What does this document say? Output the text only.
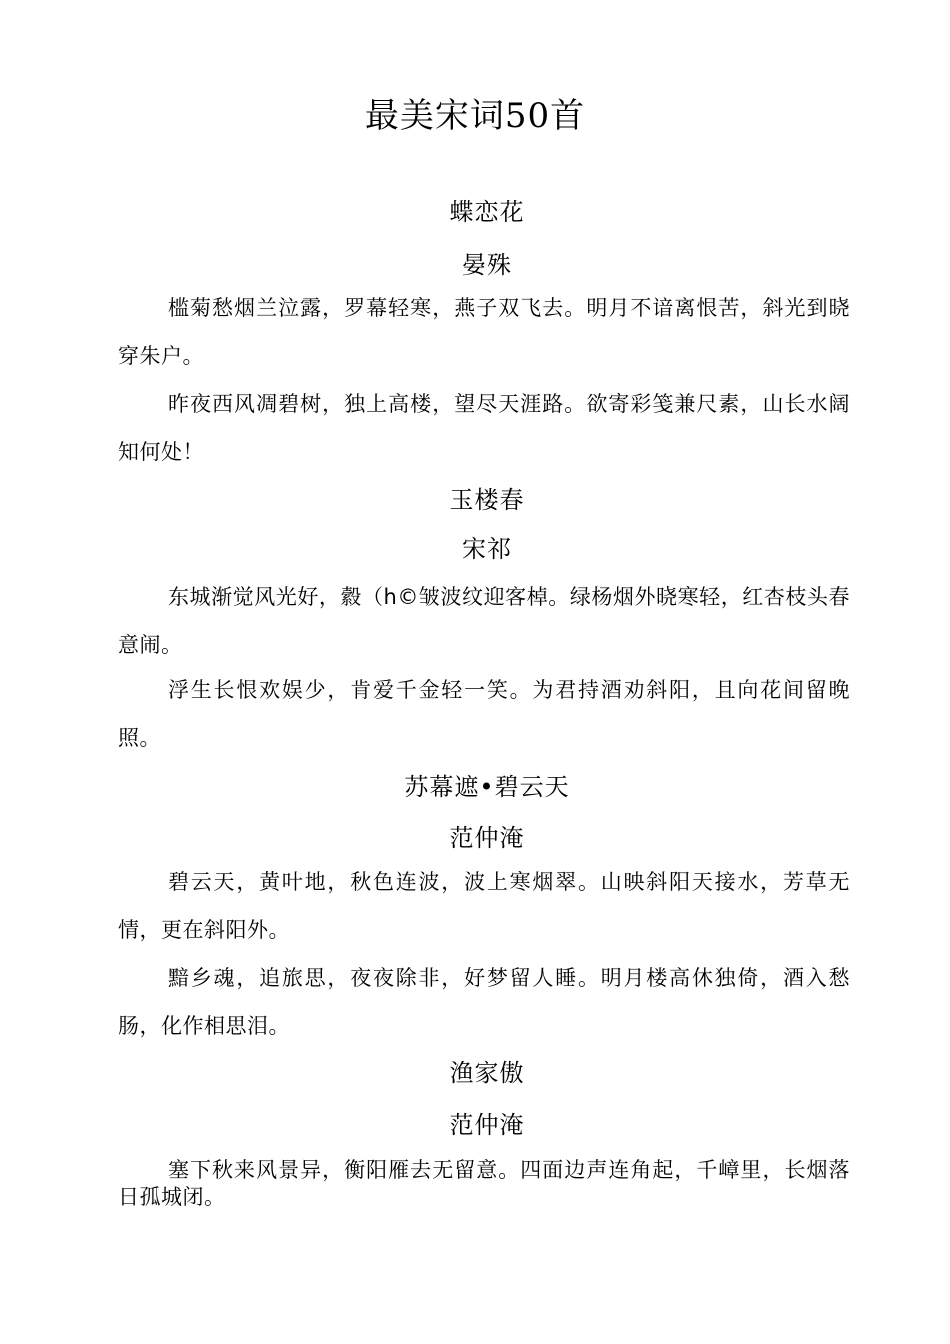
最美宋词50首
蝶恋花
晏殊

槛菊愁烟兰泣露，罗幕轻寒，燕子双飞去。明月不谙离恨苦，斜光到晓穿朱户。

昨夜西风凋碧树，独上高楼，望尽天涯路。欲寄彩笺兼尺素，山长水阔知何处！

玉楼春
宋祁

东城渐觉风光好，縠（h©皱波纹迎客棹。绿杨烟外晓寒轻，红杏枝头春意闹。

浮生长恨欢娱少，肯爱千金轻一笑。为君持酒劝斜阳，且向花间留晚照。

苏幕遮•碧云天
范仲淹

碧云天，黄叶地，秋色连波，波上寒烟翠。山映斜阳天接水，芳草无情，更在斜阳外。

黯乡魂，追旅思，夜夜除非，好梦留人睡。明月楼高休独倚，酒入愁肠，化作相思泪。

渔家傲
范仲淹

塞下秋来风景异，衡阳雁去无留意。四面边声连角起，千嶂里，长烟落日孤城闭。
